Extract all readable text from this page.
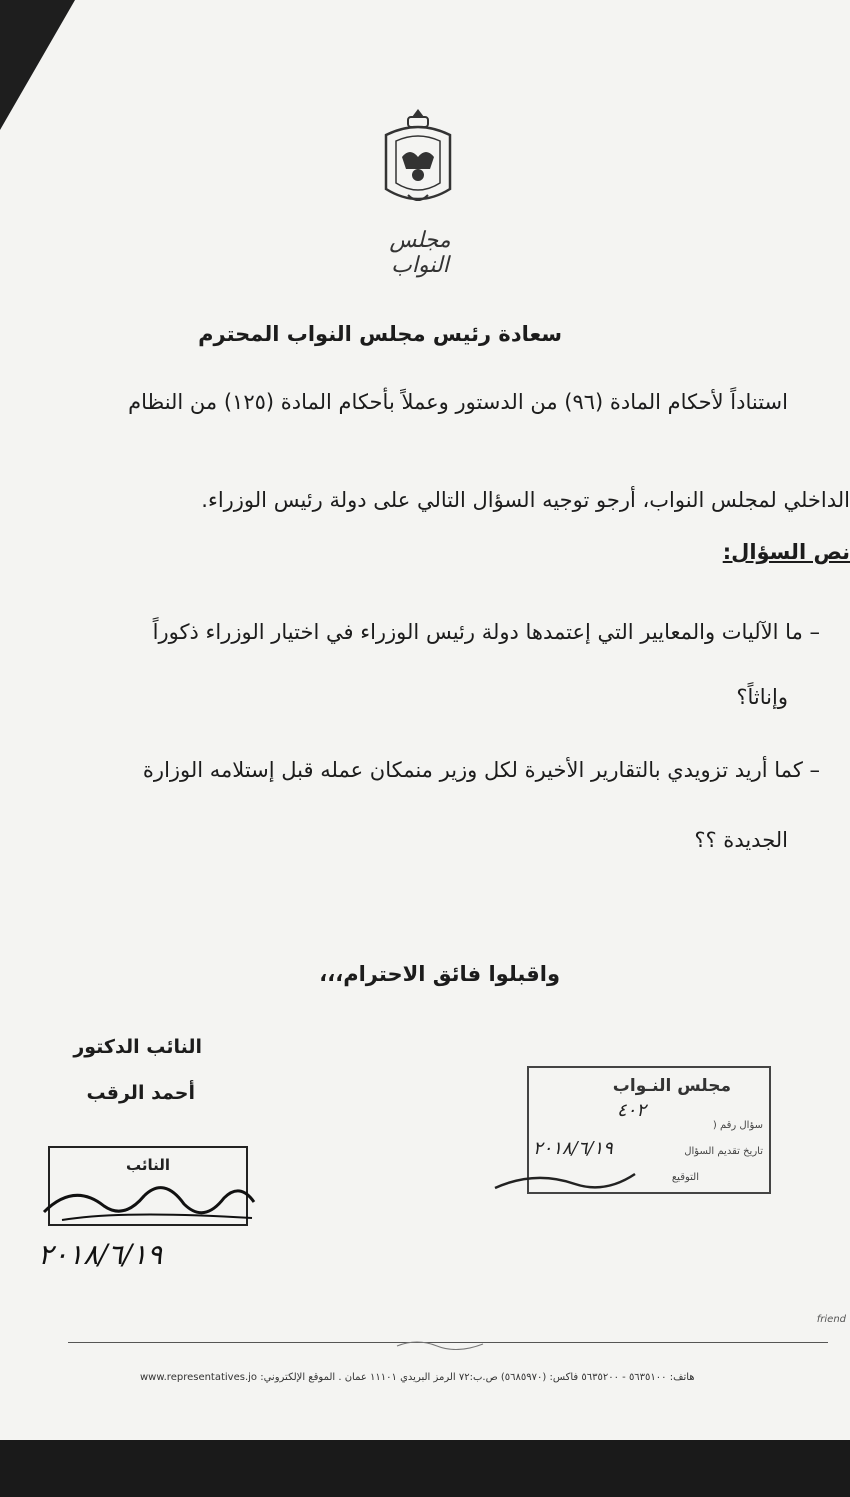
مجلس النواب
سعادة رئيس مجلس النواب المحترم
استناداً لأحكام المادة (٩٦) من الدستور وعملاً بأحكام المادة (١٢٥) من النظام
الداخلي لمجلس النواب، أرجو توجيه السؤال التالي على دولة رئيس الوزراء.
نص السؤال:
– ما الآليات والمعايير التي إعتمدها دولة رئيس الوزراء في اختيار الوزراء ذكوراً
وإناثاً؟
– كما أريد تزويدي بالتقارير الأخيرة لكل وزير منمكان عمله قبل إستلامه الوزارة
الجديدة ؟؟
واقبلوا فائق الاحترام،،،
النائب الدكتور
أحمد الرقب
النائب
٢٠١٨/٦/١٩
مجلس النـواب
سؤال رقم (
٤٠٢
تاريخ تقديم السؤال
٢٠١٨/٦/١٩
التوقيع
friend
هاتف: ٥٦٣٥١٠٠ - ٥٦٣٥٢٠٠ فاكس: (٥٦٨٥٩٧٠) ص.ب:٧٢ الرمز البريدي ١١١٠١ عمان . الموقع الإلكتروني: www.representatives.jo
